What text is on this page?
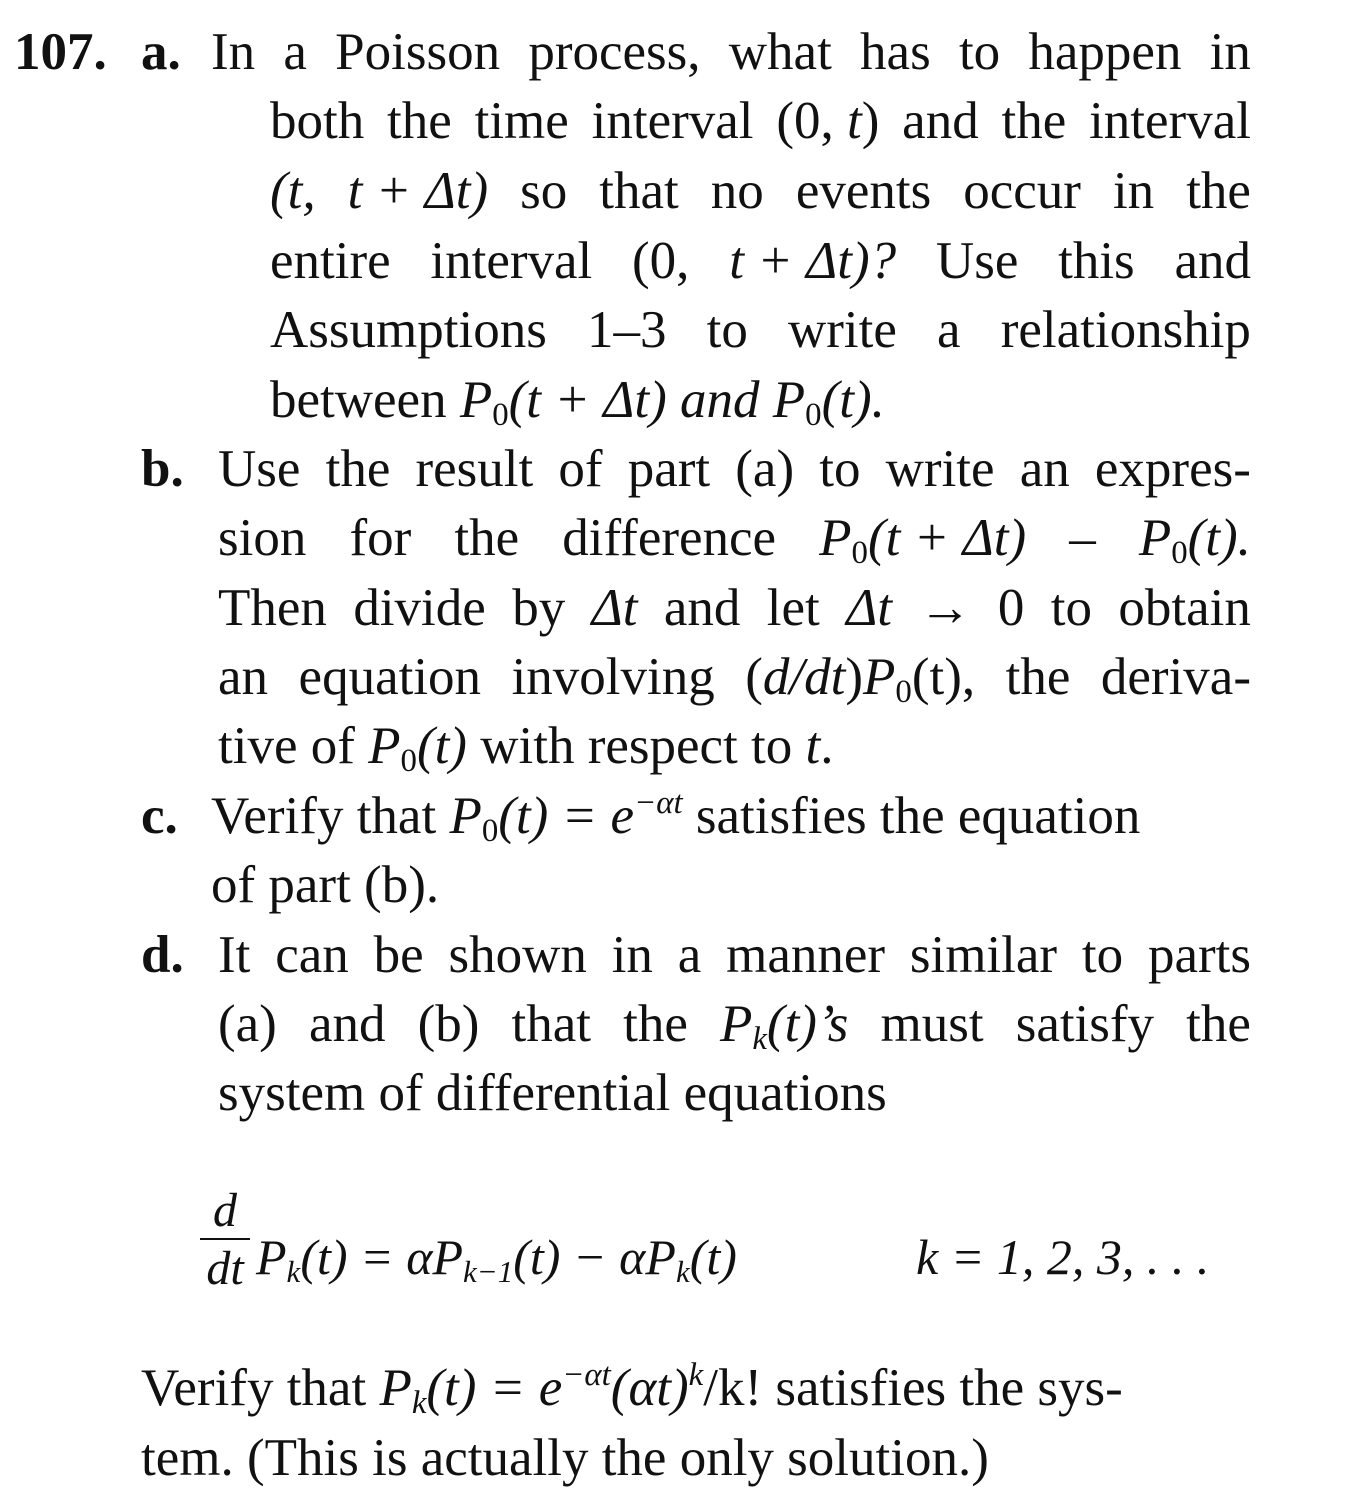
107. a. In a Poisson process, what has to happen in
both the time interval (0, t) and the interval
(t, t + Δt) so that no events occur in the
entire interval (0, t + Δt)? Use this and
Assumptions 1–3 to write a relationship
between P0(t + Δt) and P0(t).
b. Use the result of part (a) to write an expres-
sion for the difference P0(t + Δt) – P0(t).
Then divide by Δt and let Δt → 0 to obtain
an equation involving (d/dt)P0(t), the deriva-
tive of P0(t) with respect to t.
c. Verify that $P0(t) = e^{-\alpha t}$ satisfies the equation
of part (b).
d. It can be shown in a manner similar to parts
(a) and (b) that the Pk(t)’s must satisfy the
system of differential equations
d
dt Pk(t) = αPk−1(t) − αPk(t)	k = 1, 2, 3, . . .
Verify that $Pk(t) = e^{-\alpha t}(\alpha t)^k/k$! satisfies the sys-
tem. (This is actually the only solution.)
